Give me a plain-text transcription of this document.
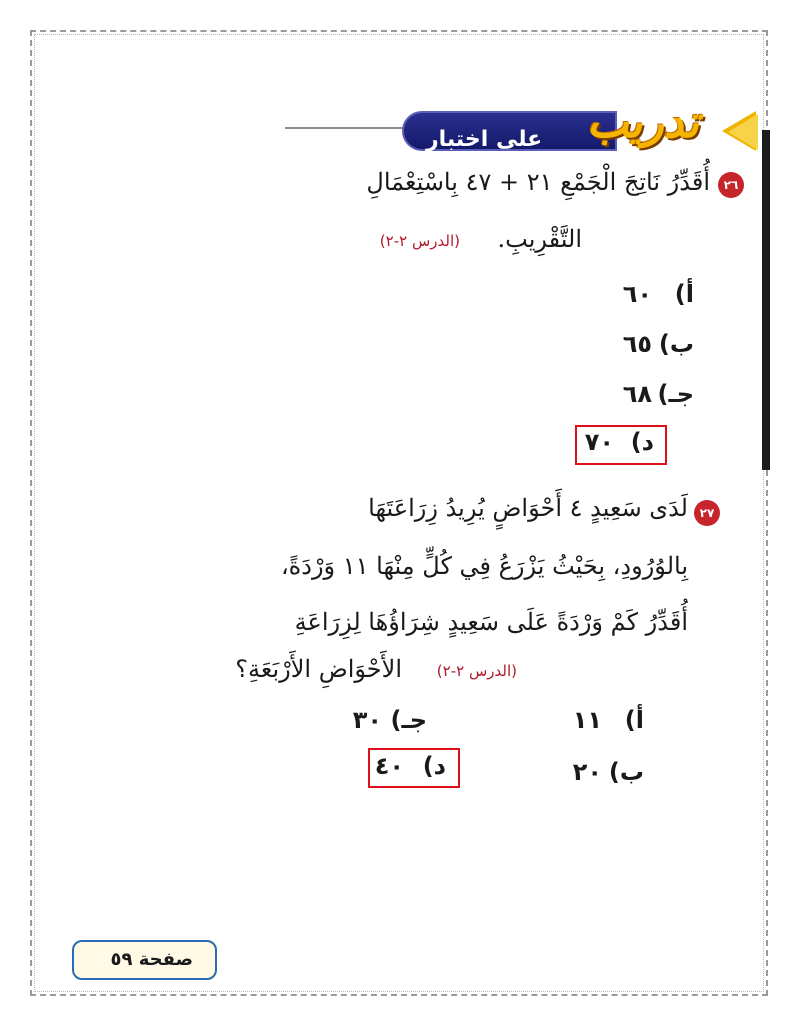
على اختبار تدريب
٢٦
أُقَدِّرُ نَاتِجَ الْجَمْعِ ٢١ + ٤٧ بِاسْتِعْمَالِ
التَّقْرِيبِ.
(الدرس ٢-٢)
أ)
٦٠
ب)
٦٥
جـ)
٦٨
د)
٧٠
٢٧
لَدَى سَعِيدٍ ٤ أَحْوَاضٍ يُرِيدُ زِرَاعَتَهَا
بِالوُرُودِ، بِحَيْثُ يَزْرَعُ فِي كُلٍّ مِنْهَا ١١ وَرْدَةً،
أُقَدِّرُ كَمْ وَرْدَةً عَلَى سَعِيدٍ شِرَاؤُهَا لِزِرَاعَةِ
الأَحْوَاضِ الأَرْبَعَةِ؟ (الدرس ٢-٢)
أ)
١١
جـ)
٣٠
ب)
٢٠
د)
٤٠
صفحة ٥٩
